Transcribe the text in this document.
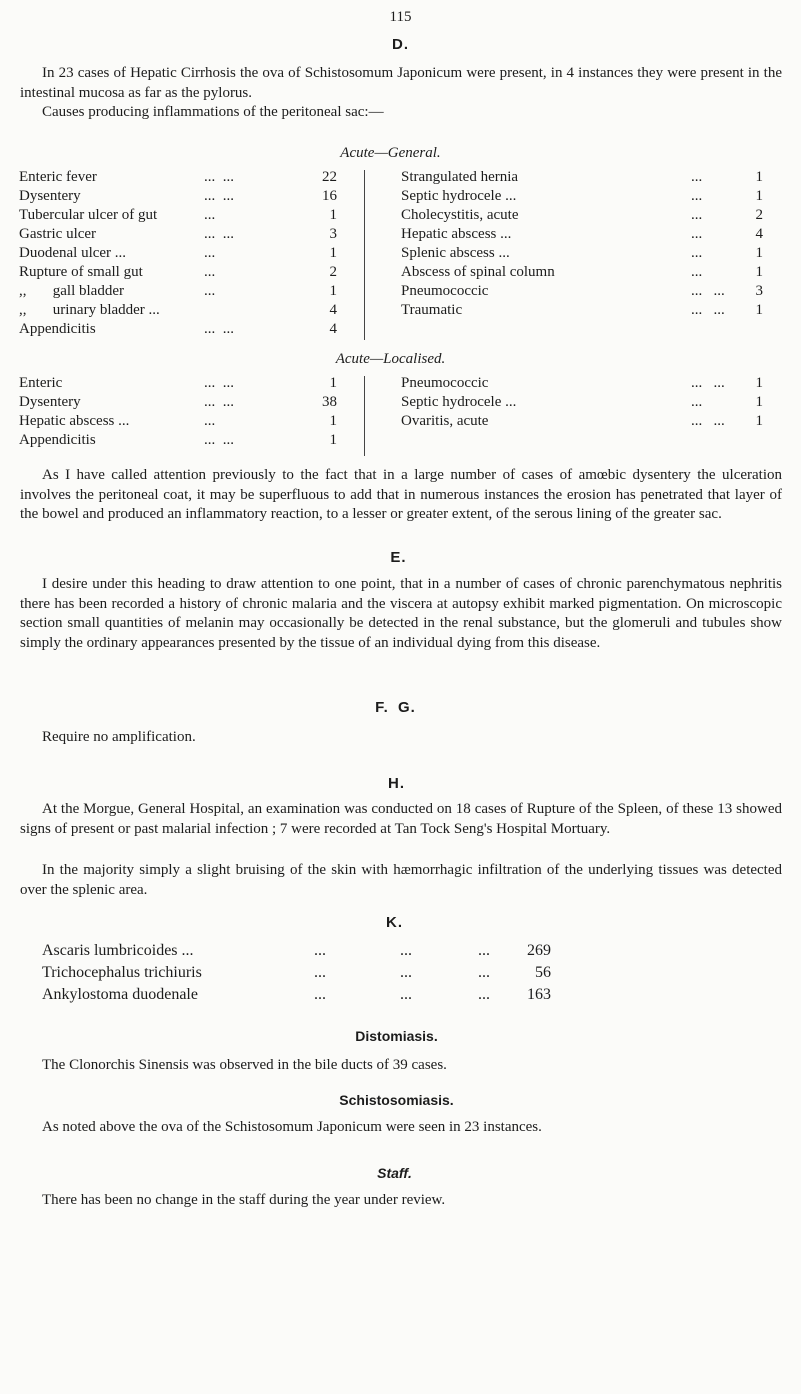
115
D.
In 23 cases of Hepatic Cirrhosis the ova of Schistosomum Japonicum were present, in 4 instances they were present in the intestinal mucosa as far as the pylorus.
Causes producing inflammations of the peritoneal sac:—
Acute—General.
Enteric fever	...  ...	22
Dysentery	...  ...	16
Tubercular ulcer of gut	...	1
Gastric ulcer	...  ...	3
Duodenal ulcer ...	...	1
Rupture of small gut	...	2
,,       gall bladder	...	1
,,       urinary bladder ...	4
Appendicitis	...  ...	4
Strangulated hernia	...	1
Septic hydrocele ...	...	1
Cholecystitis, acute	...	2
Hepatic abscess ...	...	4
Splenic abscess ...	...	1
Abscess of spinal column	...	1
Pneumococcic	...   ...	3
Traumatic	...   ...	1
Acute—Localised.
Enteric	...  ...	1
Dysentery	...  ...	38
Hepatic abscess ...	...	1
Appendicitis	...  ...	1
Pneumococcic	...   ...	1
Septic hydrocele ...	...	1
Ovaritis, acute	...   ...	1
As I have called attention previously to the fact that in a large number of cases of amœbic dysentery the ulceration involves the peritoneal coat, it may be superfluous to add that in numerous instances the erosion has penetrated that layer of the bowel and produced an inflammatory reaction, to a lesser or greater extent, of the serous lining of the greater sac.
E.
I desire under this heading to draw attention to one point, that in a number of cases of chronic parenchymatous nephritis there has been recorded a history of chronic malaria and the viscera at autopsy exhibit marked pigmentation. On microscopic section small quantities of melanin may occasionally be detected in the renal substance, but the glomeruli and tubules show simply the ordinary appearances presented by the tissue of an individual dying from this disease.
F. G.
Require no amplification.
H.
At the Morgue, General Hospital, an examination was conducted on 18 cases of Rupture of the Spleen, of these 13 showed signs of present or past malarial infection ; 7 were recorded at Tan Tock Seng's Hospital Mortuary.
In the majority simply a slight bruising of the skin with hæmorrhagic infiltration of the underlying tissues was detected over the splenic area.
K.
Ascaris lumbricoides ...	...	...	...	269
Trichocephalus trichiuris	...	...	...	56
Ankylostoma duodenale	...	...	...	163
Distomiasis.
The Clonorchis Sinensis was observed in the bile ducts of 39 cases.
Schistosomiasis.
As noted above the ova of the Schistosomum Japonicum were seen in 23 instances.
Staff.
There has been no change in the staff during the year under review.
